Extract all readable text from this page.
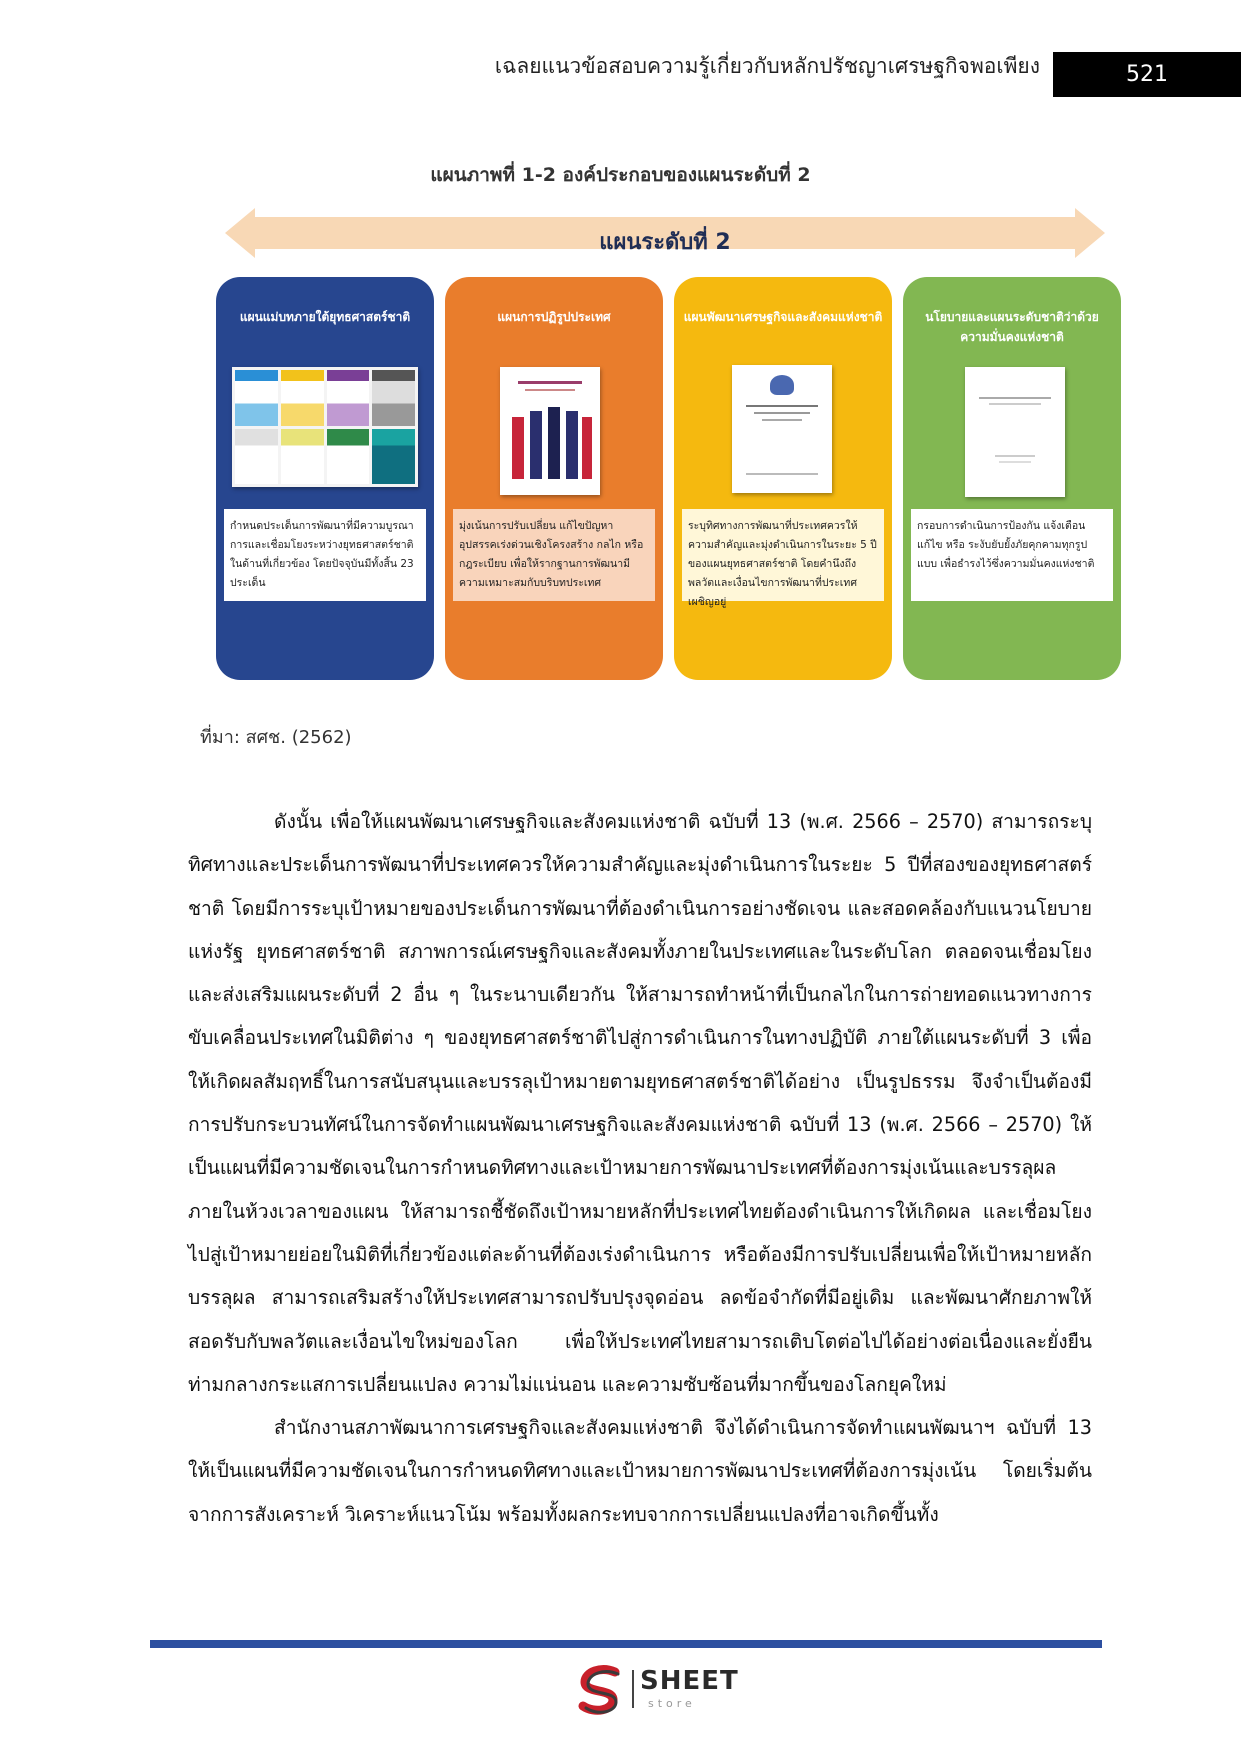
เฉลยแนวข้อสอบความรู้เกี่ยวกับหลักปรัชญาเศรษฐกิจพอเพียง	521
แผนภาพที่ 1-2 องค์ประกอบของแผนระดับที่ 2
แผนระดับที่ 2
แผนแม่บทภายใต้ยุทธศาสตร์ชาติ
กำหนดประเด็นการพัฒนาที่มีความบูรณาการและเชื่อมโยงระหว่างยุทธศาสตร์ชาติในด้านที่เกี่ยวข้อง โดยปัจจุบันมีทั้งสิ้น 23 ประเด็น
แผนการปฏิรูปประเทศ
มุ่งเน้นการปรับเปลี่ยน แก้ไขปัญหาอุปสรรคเร่งด่วนเชิงโครงสร้าง กลไก หรือกฎระเบียบ เพื่อให้รากฐานการพัฒนามีความเหมาะสมกับบริบทประเทศ
แผนพัฒนาเศรษฐกิจและสังคมแห่งชาติ
ระบุทิศทางการพัฒนาที่ประเทศควรให้ความสำคัญและมุ่งดำเนินการในระยะ 5 ปีของแผนยุทธศาสตร์ชาติ โดยคำนึงถึงพลวัตและเงื่อนไขการพัฒนาที่ประเทศเผชิญอยู่
นโยบายและแผนระดับชาติว่าด้วยความมั่นคงแห่งชาติ
กรอบการดำเนินการป้องกัน แจ้งเตือน แก้ไข หรือ ระงับยับยั้งภัยคุกคามทุกรูปแบบ เพื่อธำรงไว้ซึ่งความมั่นคงแห่งชาติ
ที่มา: สศช. (2562)

ดังนั้น เพื่อให้แผนพัฒนาเศรษฐกิจและสังคมแห่งชาติ ฉบับที่ 13 (พ.ศ. 2566 – 2570) สามารถระบุ ทิศทางและประเด็นการพัฒนาที่ประเทศควรให้ความสำคัญและมุ่งดำเนินการในระยะ 5 ปีที่สองของยุทธศาสตร์ชาติ โดยมีการระบุเป้าหมายของประเด็นการพัฒนาที่ต้องดำเนินการอย่างชัดเจน และสอดคล้องกับแนวนโยบายแห่งรัฐ ยุทธศาสตร์ชาติ สภาพการณ์เศรษฐกิจและสังคมทั้งภายในประเทศและในระดับโลก ตลอดจนเชื่อมโยงและส่งเสริมแผนระดับที่ 2 อื่น ๆ ในระนาบเดียวกัน ให้สามารถทำหน้าที่เป็นกลไกในการถ่ายทอดแนวทางการขับเคลื่อนประเทศในมิติต่าง ๆ ของยุทธศาสตร์ชาติไปสู่การดำเนินการในทางปฏิบัติ ภายใต้แผนระดับที่ 3 เพื่อให้เกิดผลสัมฤทธิ์ในการสนับสนุนและบรรลุเป้าหมายตามยุทธศาสตร์ชาติได้อย่าง เป็นรูปธรรม จึงจำเป็นต้องมีการปรับกระบวนทัศน์ในการจัดทำแผนพัฒนาเศรษฐกิจและสังคมแห่งชาติ ฉบับที่ 13 (พ.ศ. 2566 – 2570) ให้เป็นแผนที่มีความชัดเจนในการกำหนดทิศทางและเป้าหมายการพัฒนาประเทศที่ต้องการมุ่งเน้นและบรรลุผลภายในห้วงเวลาของแผน ให้สามารถชี้ชัดถึงเป้าหมายหลักที่ประเทศไทยต้องดำเนินการให้เกิดผล และเชื่อมโยงไปสู่เป้าหมายย่อยในมิติที่เกี่ยวข้องแต่ละด้านที่ต้องเร่งดำเนินการ หรือต้องมีการปรับเปลี่ยนเพื่อให้เป้าหมายหลักบรรลุผล สามารถเสริมสร้างให้ประเทศสามารถปรับปรุงจุดอ่อน ลดข้อจำกัดที่มีอยู่เดิม และพัฒนาศักยภาพให้สอดรับกับพลวัตและเงื่อนไขใหม่ของโลก เพื่อให้ประเทศไทยสามารถเติบโตต่อไปได้อย่างต่อเนื่องและยั่งยืนท่ามกลางกระแสการเปลี่ยนแปลง ความไม่แน่นอน และความซับซ้อนที่มากขึ้นของโลกยุคใหม่

สำนักงานสภาพัฒนาการเศรษฐกิจและสังคมแห่งชาติ จึงได้ดำเนินการจัดทำแผนพัฒนาฯ ฉบับที่ 13 ให้เป็นแผนที่มีความชัดเจนในการกำหนดทิศทางและเป้าหมายการพัฒนาประเทศที่ต้องการมุ่งเน้น โดยเริ่มต้น จากการสังเคราะห์ วิเคราะห์แนวโน้ม พร้อมทั้งผลกระทบจากการเปลี่ยนแปลงที่อาจเกิดขึ้นทั้ง

SHEET
store
